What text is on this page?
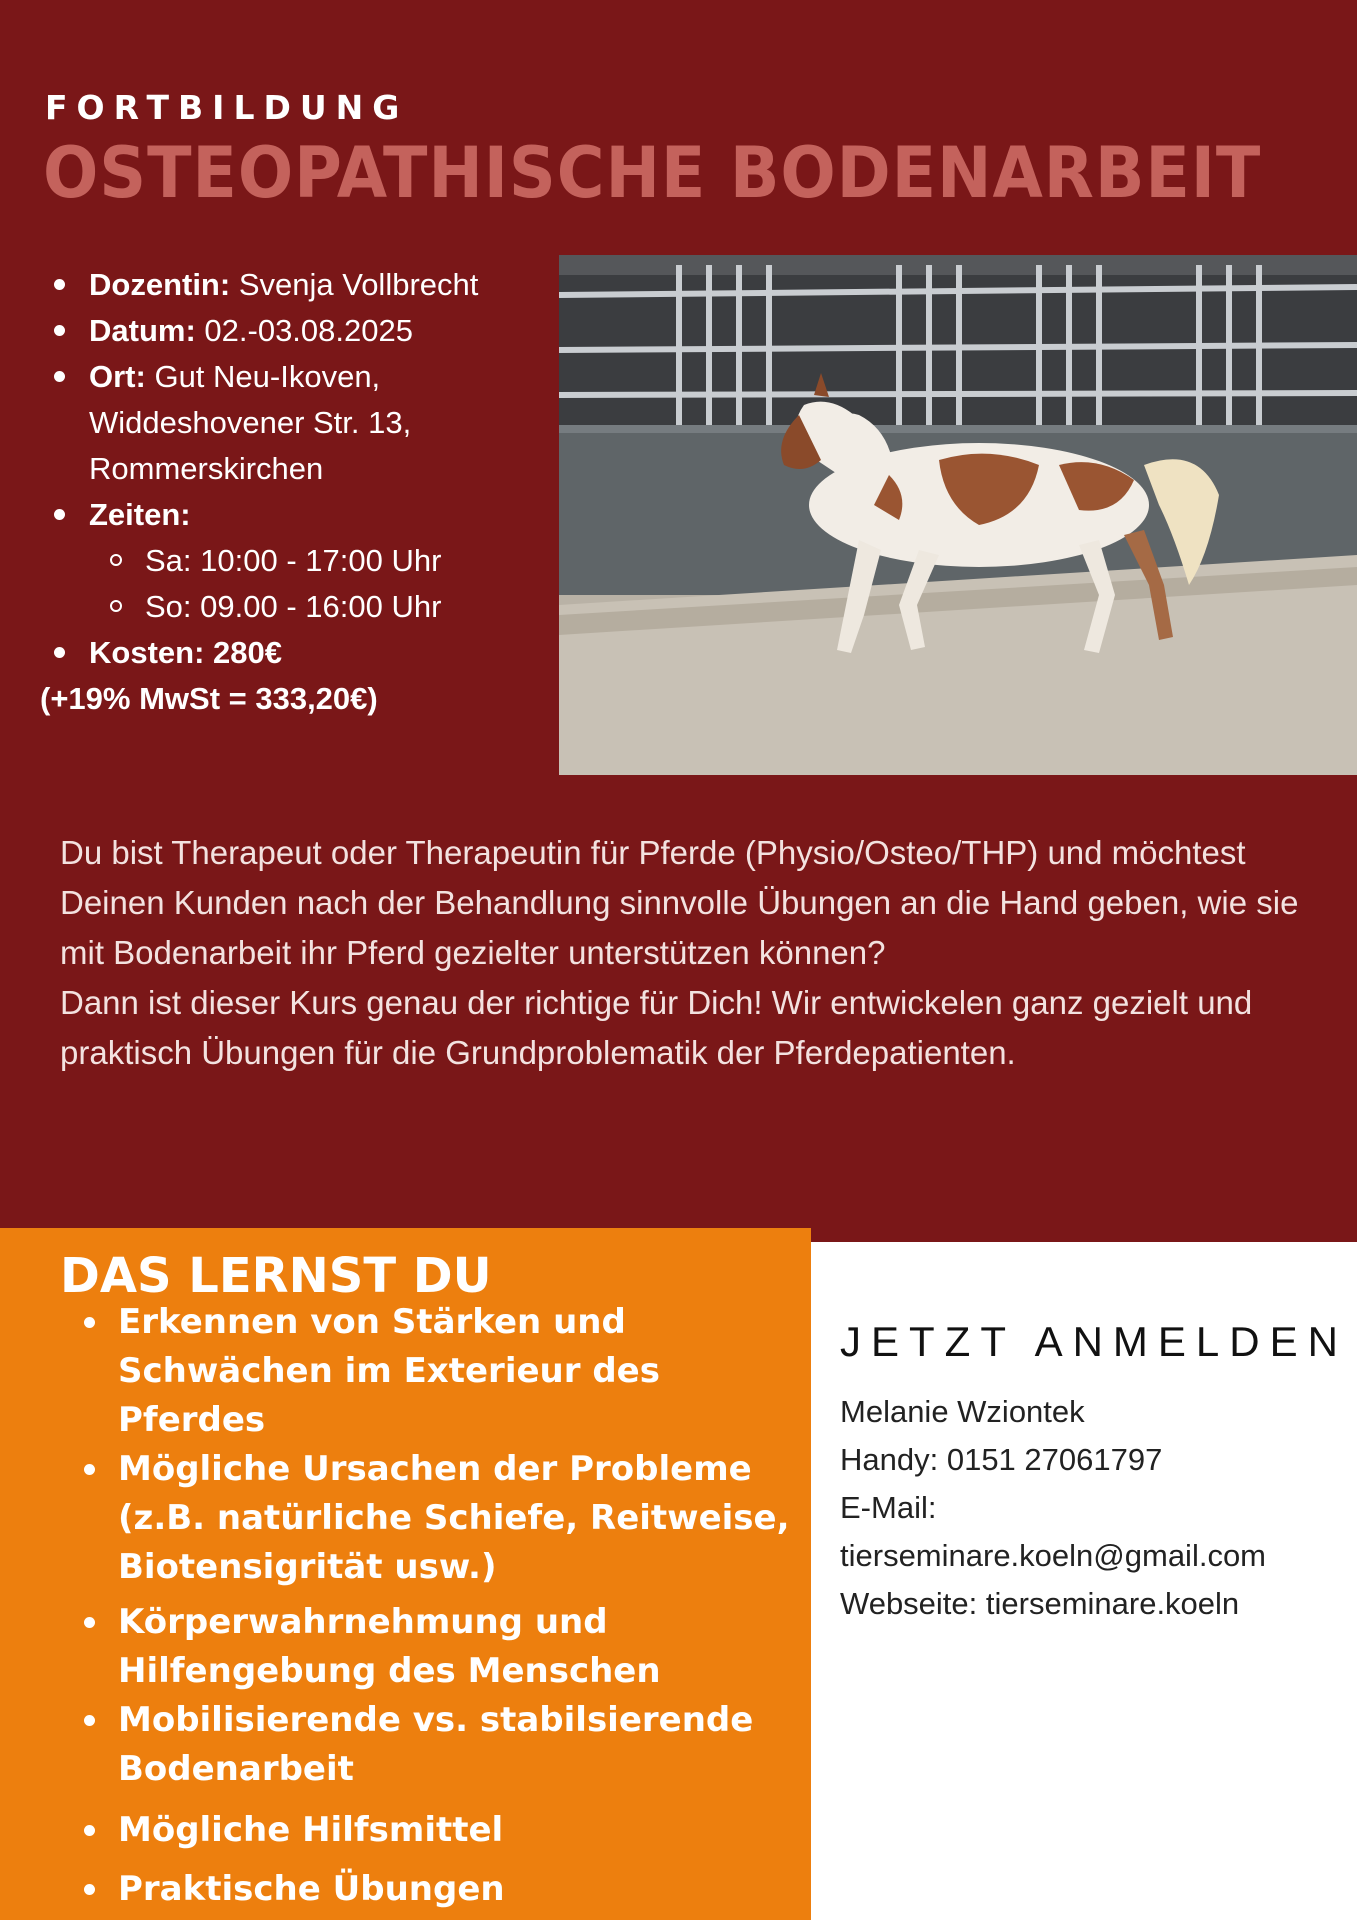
FORTBILDUNG
OSTEOPATHISCHE BODENARBEIT
Dozentin: Svenja Vollbrecht
Datum: 02.-03.08.2025
Ort: Gut Neu-Ikoven,
Widdeshovener Str. 13,
Rommerskirchen
Zeiten:
Sa: 10:00 - 17:00 Uhr
So: 09.00 - 16:00 Uhr
Kosten: 280€
(+19% MwSt = 333,20€)

Du bist Therapeut oder Therapeutin für Pferde (Physio/Osteo/THP) und möchtest Deinen Kunden nach der Behandlung sinnvolle Übungen an die Hand geben, wie sie mit Bodenarbeit ihr Pferd gezielter unterstützen können?

Dann ist dieser Kurs genau der richtige für Dich! Wir entwickelen ganz gezielt und praktisch Übungen für die Grundproblematik der Pferdepatienten.

DAS LERNST DU
Erkennen von Stärken und Schwächen im Exterieur des Pferdes
Mögliche Ursachen der Probleme (z.B. natürliche Schiefe, Reitweise, Biotensigrität usw.)
Körperwahrnehmung und Hilfengebung des Menschen
Mobilisierende vs. stabilsierende Bodenarbeit
Mögliche Hilfsmittel
Praktische Übungen
JETZT ANMELDEN
Melanie Wziontek
Handy: 0151 27061797
E-Mail:
tierseminare.koeln@gmail.com
Webseite: tierseminare.koeln
